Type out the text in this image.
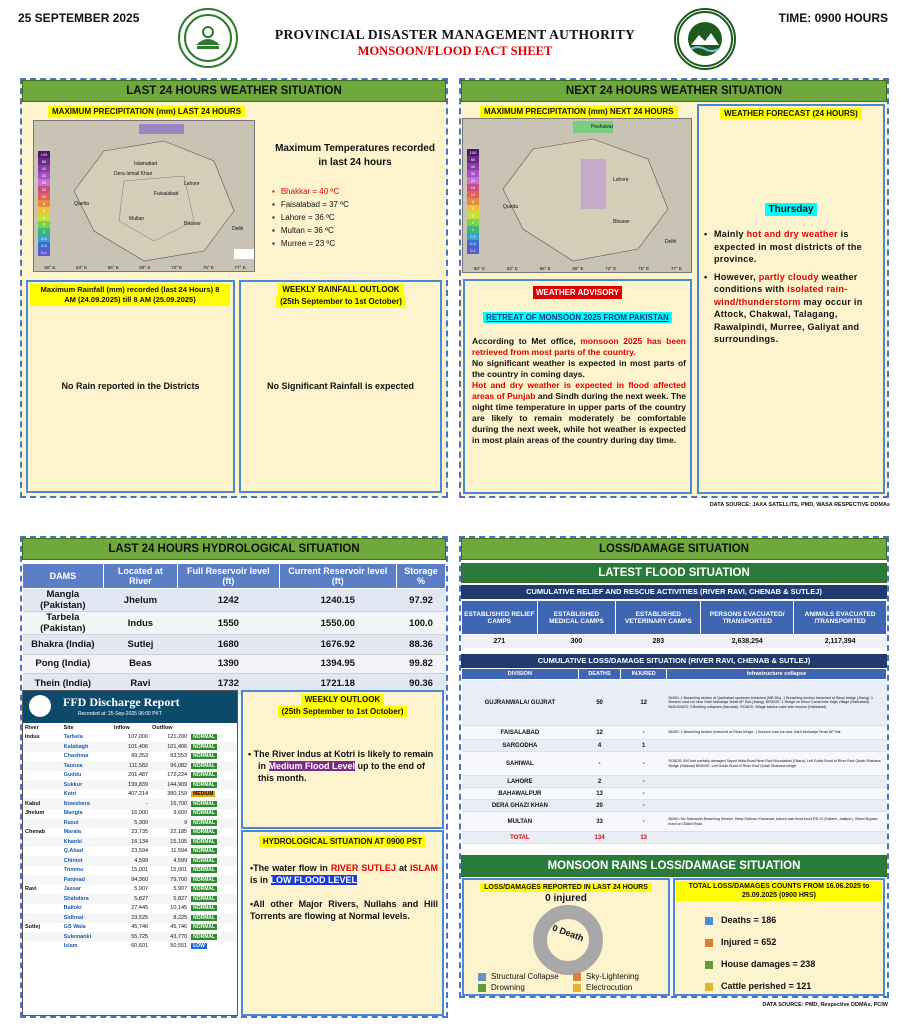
25 SEPTEMBER 2025	TIME: 0900 HOURS
PROVINCIAL DISASTER MANAGEMENT AUTHORITY
MONSOON/FLOOD FACT SHEET
LAST 24 HOURS WEATHER SITUATION
MAXIMUM PRECIPITATION (mm) LAST 24 HOURS
100
50
40
30
20
15
10
8
6
4
2
1
0.5
0.3
0.1
Islamabad
Lahore
Dera Ismail Khan
Faisalabad
Quetta
Multan
Bikaner
Delhi
60° E	63° E	66° E	69° E	72° E	75° E	77° E
Maximum Temperatures recorded in last 24 hours
▪ Bhakkar = 40 ºC
▪ Faisalabad = 37 ºC
▪ Lahore = 36 ºC
▪ Multan = 36 ºC
▪ Murree = 23 ºC
Maximum Rainfall (mm) recorded (last 24 Hours) 8 AM (24.09.2025) till 8 AM (25.09.2025)
No Rain reported in the Districts
WEEKLY RAINFALL OUTLOOK
(25th September to 1st October)
No Significant Rainfall is expected
NEXT 24 HOURS WEATHER SITUATION
MAXIMUM PRECIPITATION (mm) NEXT 24 HOURS
100
50
40
30
20
15
10
8
6
4
2
1
0.5
0.3
0.1
Peshawar
Lahore
Quetta
Bikaner
Delhi
60° E	63° E	66° E	69° E	72° E	75° E	77° E
WEATHER FORECAST (24 HOURS)
Thursday
• Mainly hot and dry weather is expected in most districts of the province.
• However, partly cloudy weather conditions with isolated rain-wind/thunderstorm may occur in Attock, Chakwal, Talagang, Rawalpindi, Murree, Galiyat and surroundings.
WEATHER ADVISORY
RETREAT OF MONSOON 2025 FROM PAKISTAN
According to Met office, monsoon 2025 has been retrieved from most parts of the country.
No significant weather is expected in most parts of the country in coming days.
Hot and dry weather is expected in flood affected areas of Punjab and Sindh during the next week. The night time temperature in upper parts of the country are likely to remain moderately be comfortable during the next week, while hot weather is expected in most plain areas of the country during day time.
DATA SOURCE: JAXA SATELLITE, PMD, WASA RESPECTIVE DDMAs
LAST 24 HOURS HYDROLOGICAL SITUATION
DAMS	Located at River	Full Reservoir level (ft)	Current Reservoir level (ft)	Storage %
Mangla (Pakistan)	Jhelum	1242	1240.15	97.92
Tarbela (Pakistan)	Indus	1550	1550.00	100.0
Bhakra (India)	Sutlej	1680	1676.92	88.36
Pong (India)	Beas	1390	1394.95	99.82
Thein (India)	Ravi	1732	1721.18	90.36
FFD Discharge Report
Recorded at: 25-Sep-2025 06:00 PKT
River	Site	Inflow	Outflow	
Indus	Tarbela	107,000	121,200	NORMAL
	Kalabagh	101,406	101,406	NORMAL
	Chashma	99,353	93,553	NORMAL
	Taunsa	111,582	96,082	NORMAL
	Guddu	201,487	172,224	NORMAL
	Sukkur	199,839	144,909	NORMAL
	Kotri	407,214	380,159	MEDIUM
Kabul	Nowshera	-	16,700	NORMAL
Jhelum	Mangla	16,000	9,600	NORMAL
	Rasul	5,300	9	NORMAL
Chenab	Marala	23,735	22,185	NORMAL
	Khanki	16,134	15,105	NORMAL
	Q.Abad	23,594	11,594	NORMAL
	Chiniot	4,599	4,599	NORMAL
	Trimmu	15,001	15,001	NORMAL
	Panjnad	94,360	79,700	NORMAL
Ravi	Jassar	5,907	5,907	NORMAL
	Shahdara	5,827	5,827	NORMAL
	Balloki	27,445	10,145	NORMAL
	Sidhnai	23,525	8,225	NORMAL
Sutlej	GS Wala	45,746	45,746	NORMAL
	Sulemanki	55,725	43,770	NORMAL
	Islam	60,601	50,551	LOW
WEEKLY OUTLOOK
(25th September to 1st October)
• The River Indus at Kotri is likely to remain in Medium Flood Level up to the end of this month.
HYDROLOGICAL SITUATION AT 0900 PST
•The water flow in RIVER SUTLEJ at ISLAM is in LOW FLOOD LEVEL

•All other Major Rivers, Nullahs and Hill Torrents are flowing at Normal levels.
LOSS/DAMAGE SITUATION
LATEST FLOOD SITUATION
CUMULATIVE RELIEF AND RESCUE ACTIVITIES (RIVER RAVI, CHENAB & SUTLEJ)
ESTABLISHED RELIEF CAMPS	ESTABLISHED MEDICAL CAMPS	ESTABLISHED VETERINARY CAMPS	PERSONS EVACUATED/ TRANSPORTED	ANIMALS EVACUATED /TRANSPORTED
271	300	283	2,638,254	2,117,394
CUMULATIVE LOSS/DAMAGE SITUATION (RIVER RAVI, CHENAB & SUTLEJ)
DIVISION	DEATHS	INJURED	Infrastructure collapse
GUJRANWALA/ GUJRAT	50	12	BUND: 1 Breaching section at Qadirabad upstream breached (MB Din), 1 Breaching section breached at Rasul bridge (Jhang), 1 Breach/ road cut near Garh Maharaja Tehsil AP Sial (Jhang). BRIDGE: 1 Bridge on Minor Canal near Kajla Village (Hafizabad). BUILDINGS: 3 Building collapses (Narowal). ROADS: Village katcha road/ side erosion (Hafizabad)
FAISALABAD	12	-	BUND: 1 Breaching section breached at Rivaz bridge, 1 Breach/ road cut near Garh Maharaja Tehsil AP Sial.
SARGODHA	4	1	
SAHIWAL	-	-	ROADS: 500 feet partially damaged Sayed Wala Road Near Ravi Moradabad (Okara), Left Guide Bund of River Ravi Qutab Shahana Bridge (Sahiwal) BRIDGE: Left Guide Bund of River Ravi Qutab Shahana bridge
LAHORE	2	-	
BAHAWALPUR	13	-	
DERA GHAZI KHAN	20	-	
MULTAN	33	-	BUND: Mo Sabzavan Breaching Section, Head Sidhnai, Khanewal, baloch wah flood bund RD 42 (Kabeer, Jalalpur), Gillani Bypass bund on Gillani Road
TOTAL	134	13	
MONSOON RAINS LOSS/DAMAGE SITUATION
LOSS/DAMAGES REPORTED IN LAST 24 HOURS
0 injured
0 Death
Structural Collapse	Sky-Lightening
Drowning	Electrocution
TOTAL LOSS/DAMAGES COUNTS FROM 16.06.2025 to 25.09.2025 (0900 HRS)
Deaths = 186
Injured = 652
House damages = 238
Cattle perished = 121
DATA SOURCE: PMD, Respective DDMAs, PCIW
